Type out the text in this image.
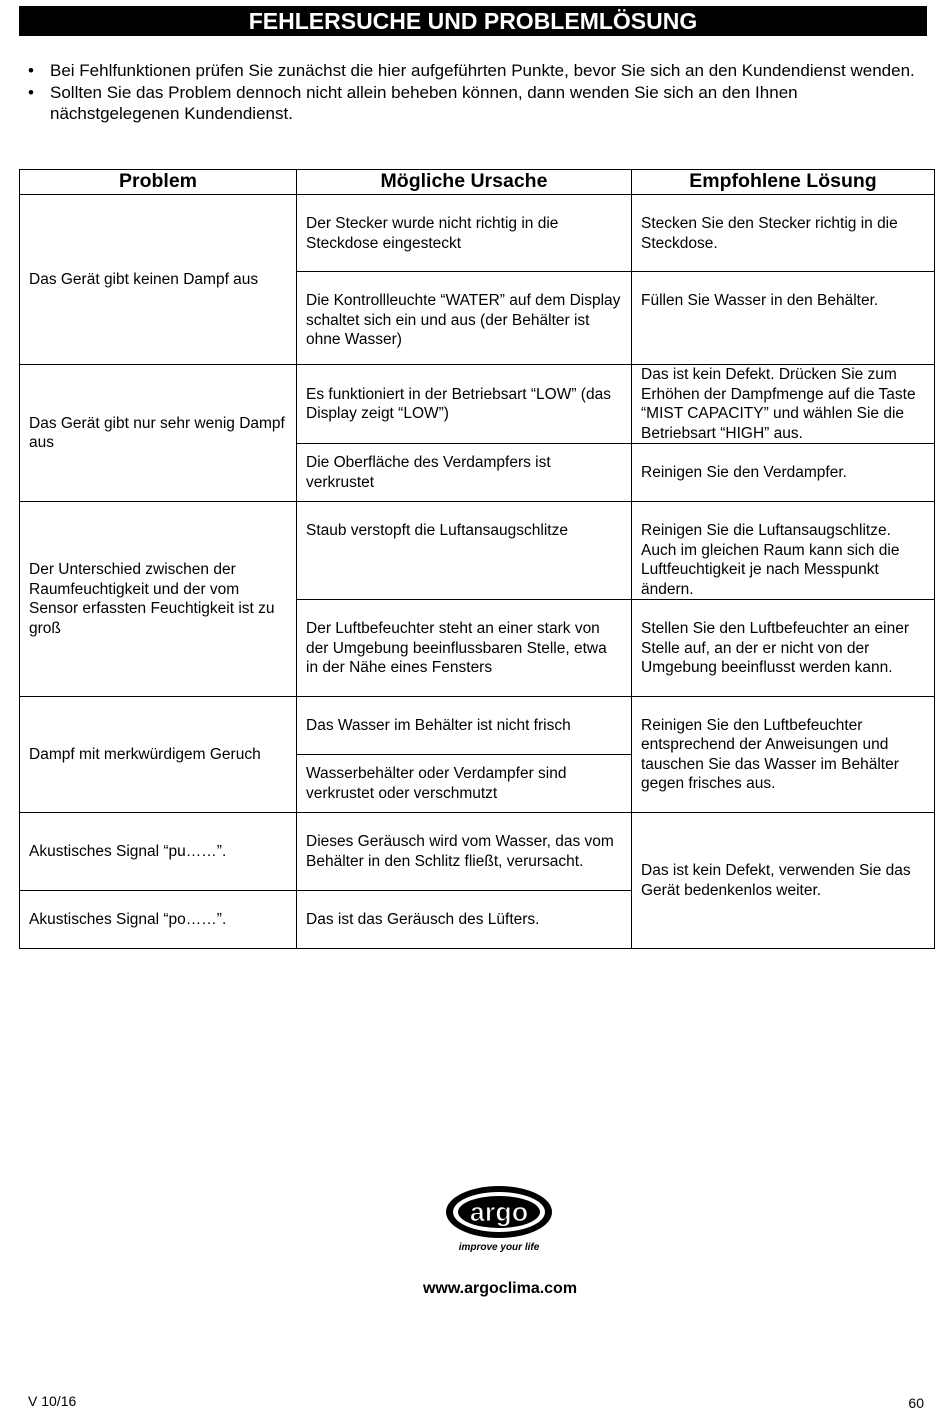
FEHLERSUCHE UND PROBLEMLÖSUNG
• Bei Fehlfunktionen prüfen Sie zunächst die hier aufgeführten Punkte, bevor Sie sich an den Kundendienst wenden.
• Sollten Sie das Problem dennoch nicht allein beheben können, dann wenden Sie sich an den Ihnen nächstgelegenen Kundendienst.
Problem	Mögliche Ursache	Empfohlene Lösung
Das Gerät gibt keinen Dampf aus	Der Stecker wurde nicht richtig in die Steckdose eingesteckt	Stecken Sie den Stecker richtig in die Steckdose.
	Die Kontrollleuchte “WATER” auf dem Display schaltet sich ein und aus (der Behälter ist ohne Wasser)	Füllen Sie Wasser in den Behälter.
Das Gerät gibt nur sehr wenig Dampf aus	Es funktioniert in der Betriebsart “LOW” (das Display zeigt “LOW”)	Das ist kein Defekt. Drücken Sie zum Erhöhen der Dampfmenge auf die Taste “MIST CAPACITY” und wählen Sie die Betriebsart “HIGH” aus.
	Die Oberfläche des Verdampfers ist verkrustet	Reinigen Sie den Verdampfer.
Der Unterschied zwischen der Raumfeuchtigkeit und der vom Sensor erfassten Feuchtigkeit ist zu groß	Staub verstopft die Luftansaugschlitze	Reinigen Sie die Luftansaugschlitze. Auch im gleichen Raum kann sich die Luftfeuchtigkeit je nach Messpunkt ändern.
	Der Luftbefeuchter steht an einer stark von der Umgebung beeinflussbaren Stelle, etwa in der Nähe eines Fensters	Stellen Sie den Luftbefeuchter an einer Stelle auf, an der er nicht von der Umgebung beeinflusst werden kann.
Dampf mit merkwürdigem Geruch	Das Wasser im Behälter ist nicht frisch	Reinigen Sie den Luftbefeuchter entsprechend der Anweisungen und tauschen Sie das Wasser im Behälter gegen frisches aus.
	Wasserbehälter oder Verdampfer sind verkrustet oder verschmutzt	
Akustisches Signal “pu……”.	Dieses Geräusch wird vom Wasser, das vom Behälter in den Schlitz fließt, verursacht.	Das ist kein Defekt, verwenden Sie das Gerät bedenkenlos weiter.
Akustisches Signal “po……”.	Das ist das Geräusch des Lüfters.	
argo
improve your life
www.argoclima.com
V 10/16	60
